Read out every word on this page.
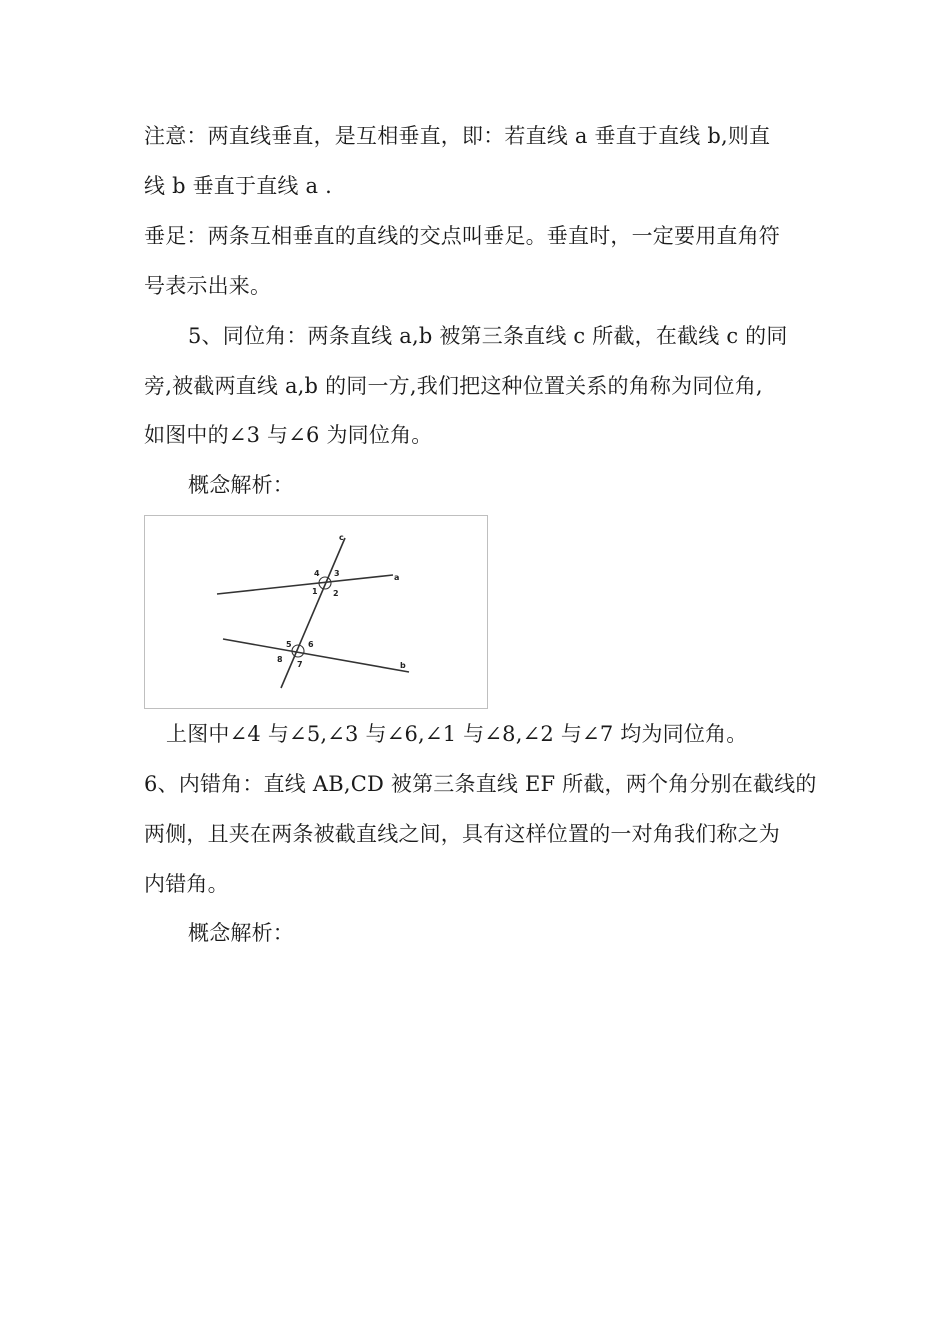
注意：两直线垂直，是互相垂直，即：若直线 a 垂直于直线 b,则直
线 b 垂直于直线 a .
垂足：两条互相垂直的直线的交点叫垂足。垂直时，一定要用直角符
号表示出来。
5、同位角：两条直线 a,b 被第三条直线 c 所截，在截线 c 的同
旁,被截两直线 a,b 的同一方,我们把这种位置关系的角称为同位角,
如图中的∠3 与∠6 为同位角。
概念解析：
c
a
b
4 3
1 2
5 6
8
7
上图中∠4 与∠5,∠3 与∠6,∠1 与∠8,∠2 与∠7 均为同位角。
6、内错角：直线 AB,CD 被第三条直线 EF 所截，两个角分别在截线的
两侧，且夹在两条被截直线之间，具有这样位置的一对角我们称之为
内错角。
概念解析：
